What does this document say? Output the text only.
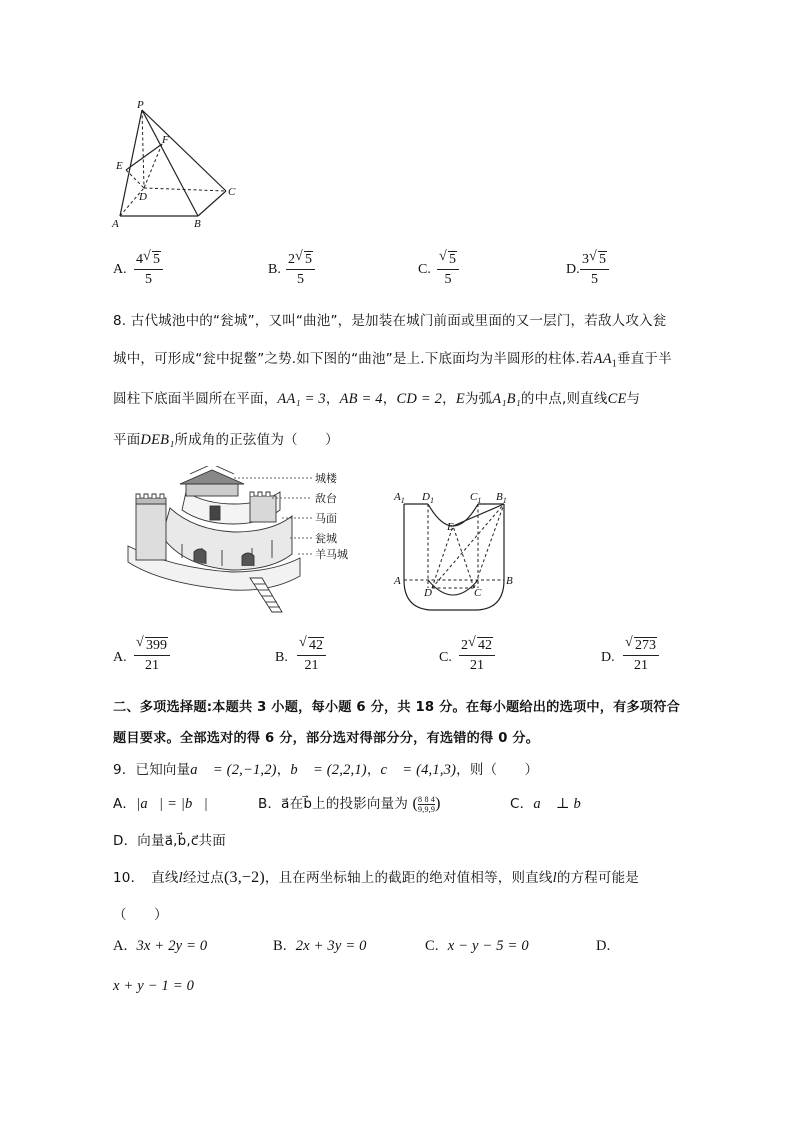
P
F
E
D	C
A	B
A. $\frac{4 √ 5}{5}$	B. $\frac{2 √ 5}{5}$	C. $\frac{√ 5}{5}$	D. $\frac{3 √ 5}{5}$
8. 古代城池中的“瓮城”，又叫“曲池”，是加装在城门前面或里面的又一层门，若敌人攻入瓮
城中，可形成“瓮中捉鳖”之势.如下图的“曲池”是上.下底面均为半圆形的柱体.若$AA_1$垂直于半
圆柱下底面半圆所在平面，AA₁ = 3，AB = 4，CD = 2，E为弧A₁B₁的中点,则直线CE与
平面DEB₁所成角的正弦值为（　　）
城楼
敌台
马面
瓮城
羊马城
$A_1$ $D_1$	$C_1$ $B_1$
E
A
D	C
B
A. $\frac{√ 399}{21}$	B. $\frac{√ 42}{21}$	C. $\frac{2 √ 42}{21}$	D. $\frac{√ 273}{21}$
二、多项选择题:本题共 3 小题，每小题 6 分，共 18 分。在每小题给出的选项中，有多项符合
题目要求。全部选对的得 6 分，部分选对得部分分，有选错的得 0 分。
9．已知向量a⃗ = (2,−1,2)，b⃗ = (2,2,1)，c⃗ = (4,1,3)，则（　　）
A．|a⃗| = |b⃗|	B．a⃗在b⃗上的投影向量为 ( $\frac{8 8 4}{9,9,9}$ )	C．a⃗ ⊥ b⃗
D．向量a⃗,b⃗,c⃗共面
10．　直线l经过点(3,−2)，且在两坐标轴上的截距的绝对值相等，则直线l的方程可能是
（　　）
A. 3x + 2y = 0	B. 2x + 3y = 0	C. x − y − 5 = 0	D.
x + y − 1 = 0
